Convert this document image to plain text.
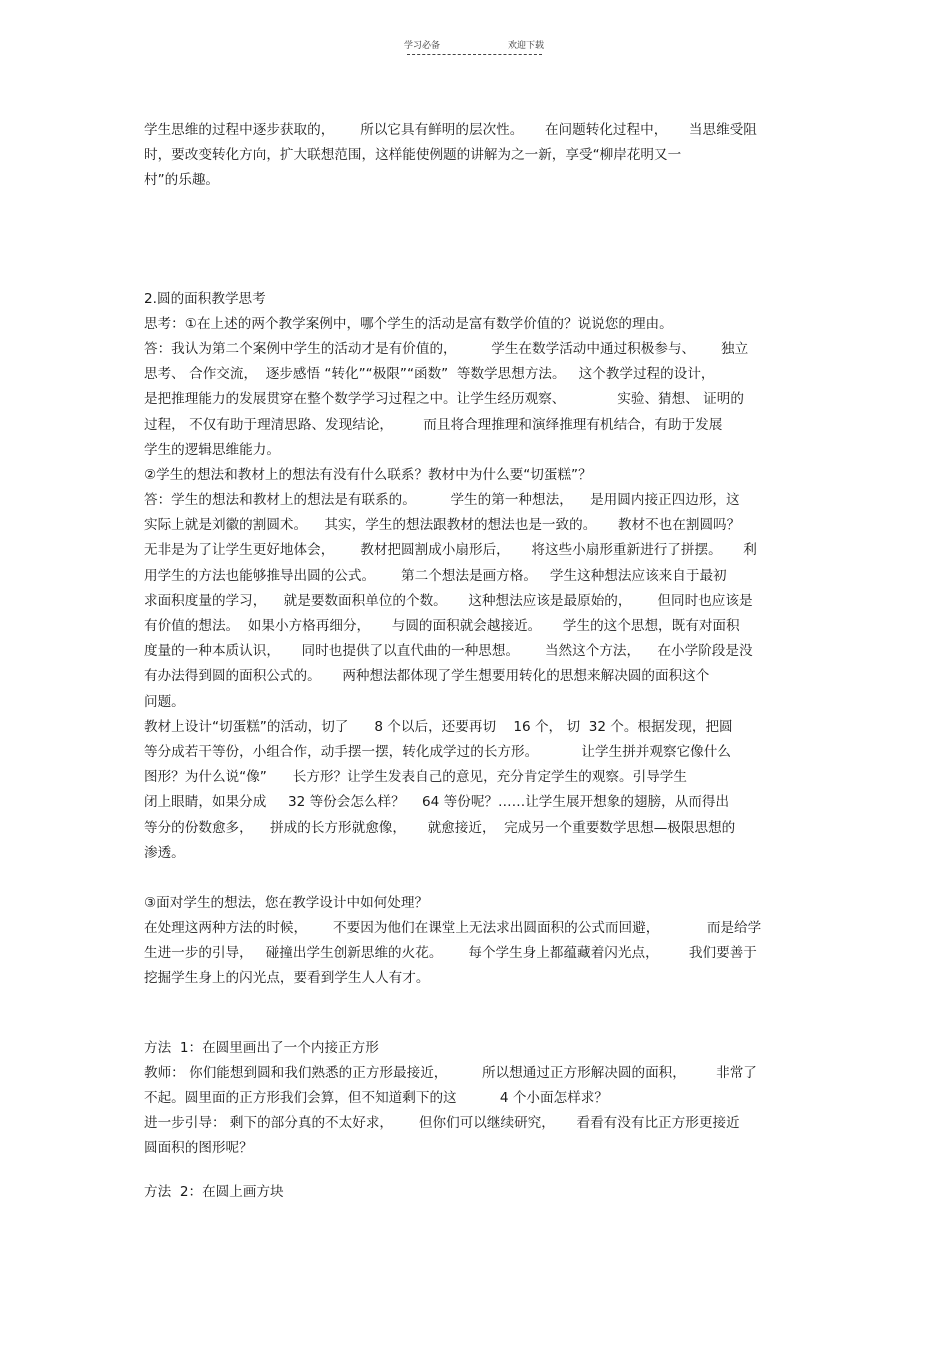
学习必备	欢迎下载
学生思维的过程中逐步获取的，      所以它具有鲜明的层次性。     在问题转化过程中，     当思维受阻
时，要改变转化方向，扩大联想范围，这样能使例题的讲解为之一新，享受“柳岸花明又一
村”的乐趣。
2.圆的面积教学思考
思考：①在上述的两个教学案例中，哪个学生的活动是富有数学价值的？说说您的理由。
答：我认为第二个案例中学生的活动才是有价值的，        学生在数学活动中通过积极参与、      独立
思考、 合作交流，  逐步感悟 “转化”“极限”“函数”  等数学思想方法。   这个教学过程的设计，
是把推理能力的发展贯穿在整个数学学习过程之中。让学生经历观察、            实验、猜想、 证明的
过程， 不仅有助于理清思路、发现结论，       而且将合理推理和演绎推理有机结合，有助于发展
学生的逻辑思维能力。
②学生的想法和教材上的想法有没有什么联系？教材中为什么要“切蛋糕”？
答：学生的想法和教材上的想法是有联系的。        学生的第一种想法，    是用圆内接正四边形，这
实际上就是刘徽的割圆术。    其实，学生的想法跟教材的想法也是一致的。     教材不也在割圆吗？
无非是为了让学生更好地体会，      教材把圆割成小扇形后，     将这些小扇形重新进行了拼摆。     利
用学生的方法也能够推导出圆的公式。      第二个想法是画方格。   学生这种想法应该来自于最初
求面积度量的学习，    就是要数面积单位的个数。     这种想法应该是最原始的，      但同时也应该是
有价值的想法。  如果小方格再细分，     与圆的面积就会越接近。     学生的这个思想，既有对面积
度量的一种本质认识，     同时也提供了以直代曲的一种思想。      当然这个方法，    在小学阶段是没
有办法得到圆的面积公式的。     两种想法都体现了学生想要用转化的思想来解决圆的面积这个
问题。
教材上设计“切蛋糕”的活动，切了      8 个以后，还要再切    16 个， 切  32 个。根据发现，把圆
等分成若干等份，小组合作，动手摆一摆，转化成学过的长方形。          让学生拼并观察它像什么
图形？为什么说“像”      长方形？让学生发表自己的意见，充分肯定学生的观察。引导学生
闭上眼睛，如果分成     32 等份会怎么样？    64 等份呢？……让学生展开想象的翅膀，从而得出
等分的份数愈多，    拼成的长方形就愈像，     就愈接近，  完成另一个重要数学思想—极限思想的
渗透。
③面对学生的想法，您在教学设计中如何处理？
在处理这两种方法的时候，      不要因为他们在课堂上无法求出圆面积的公式而回避，           而是给学
生进一步的引导，   碰撞出学生创新思维的火花。      每个学生身上都蕴藏着闪光点，       我们要善于
挖掘学生身上的闪光点，要看到学生人人有才。
方法  1：在圆里画出了一个内接正方形
教师： 你们能想到圆和我们熟悉的正方形最接近，        所以想通过正方形解决圆的面积，       非常了
不起。圆里面的正方形我们会算，但不知道剩下的这          4 个小面怎样求？
进一步引导： 剩下的部分真的不太好求，      但你们可以继续研究，     看看有没有比正方形更接近
圆面积的图形呢？
方法  2：在圆上画方块
